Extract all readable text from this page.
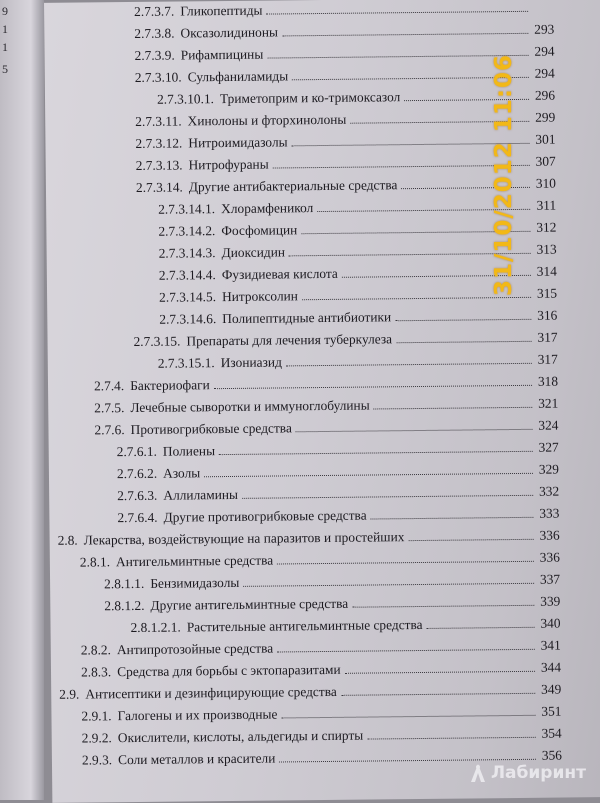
9
1
1
5
2.7.3.7. Гликопептиды
2.7.3.8. Оксазолидиноны	293
2.7.3.9. Рифампицины	294
2.7.3.10. Сульфаниламиды	294
2.7.3.10.1. Триметоприм и ко-тримоксазол	296
2.7.3.11. Хинолоны и фторхинолоны	299
2.7.3.12. Нитроимидазолы	301
2.7.3.13. Нитрофураны	307
2.7.3.14. Другие антибактериальные средства	310
2.7.3.14.1. Хлорамфеникол	311
2.7.3.14.2. Фосфомицин	312
2.7.3.14.3. Диоксидин	313
2.7.3.14.4. Фузидиевая кислота	314
2.7.3.14.5. Нитроксолин	315
2.7.3.14.6. Полипептидные антибиотики	316
2.7.3.15. Препараты для лечения туберкулеза	317
2.7.3.15.1. Изониазид	317
2.7.4. Бактериофаги	318
2.7.5. Лечебные сыворотки и иммуноглобулины	321
2.7.6. Противогрибковые средства	324
2.7.6.1. Полиены	327
2.7.6.2. Азолы	329
2.7.6.3. Аллиламины	332
2.7.6.4. Другие противогрибковые средства	333
2.8. Лекарства, воздействующие на паразитов и простейших	336
2.8.1. Антигельминтные средства	336
2.8.1.1. Бензимидазолы	337
2.8.1.2. Другие антигельминтные средства	339
2.8.1.2.1. Растительные антигельминтные средства	340
2.8.2. Антипротозойные средства	341
2.8.3. Средства для борьбы с эктопаразитами	344
2.9. Антисептики и дезинфицирующие средства	349
2.9.1. Галогены и их производные	351
2.9.2. Окислители, кислоты, альдегиды и спирты	354
2.9.3. Соли металлов и красители	356
31/10/2012 11:06
Лабиринт
